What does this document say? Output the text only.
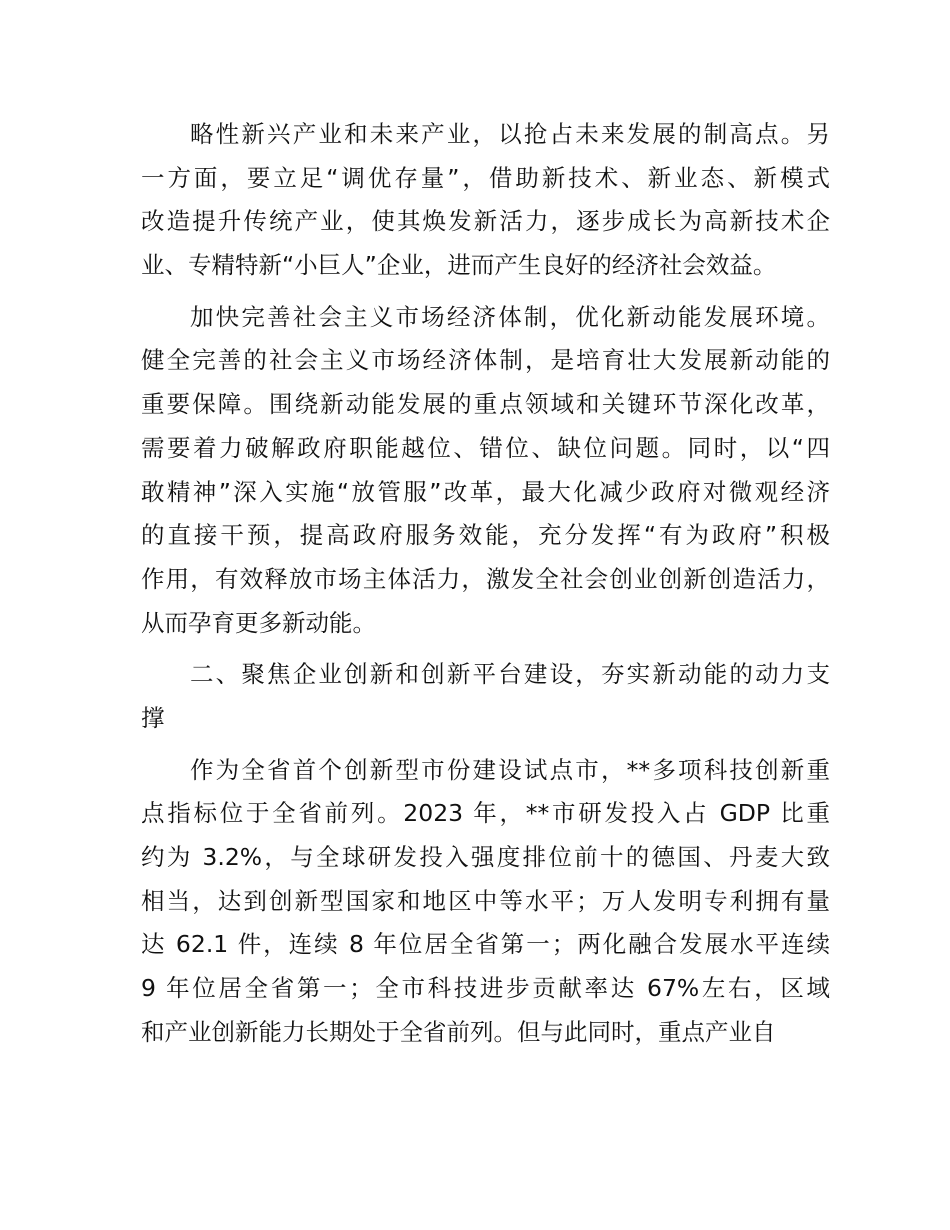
略性新兴产业和未来产业，以抢占未来发展的制高点。另
一方面，要立足“调优存量”，借助新技术、新业态、新模式
改造提升传统产业，使其焕发新活力，逐步成长为高新技术企
业、专精特新“小巨人”企业，进而产生良好的经济社会效益。
加快完善社会主义市场经济体制，优化新动能发展环境。
健全完善的社会主义市场经济体制，是培育壮大发展新动能的
重要保障。围绕新动能发展的重点领域和关键环节深化改革，
需要着力破解政府职能越位、错位、缺位问题。同时，以“四
敢精神”深入实施“放管服”改革，最大化减少政府对微观经济
的直接干预，提高政府服务效能，充分发挥“有为政府”积极
作用，有效释放市场主体活力，激发全社会创业创新创造活力，
从而孕育更多新动能。
二、聚焦企业创新和创新平台建设，夯实新动能的动力支
撑
作为全省首个创新型市份建设试点市，**多项科技创新重
点指标位于全省前列。2023 年，**市研发投入占 GDP 比重
约为 3.2%，与全球研发投入强度排位前十的德国、丹麦大致
相当，达到创新型国家和地区中等水平；万人发明专利拥有量
达 62.1 件，连续 8 年位居全省第一；两化融合发展水平连续
9 年位居全省第一；全市科技进步贡献率达 67%左右，区域
和产业创新能力长期处于全省前列。但与此同时，重点产业自
